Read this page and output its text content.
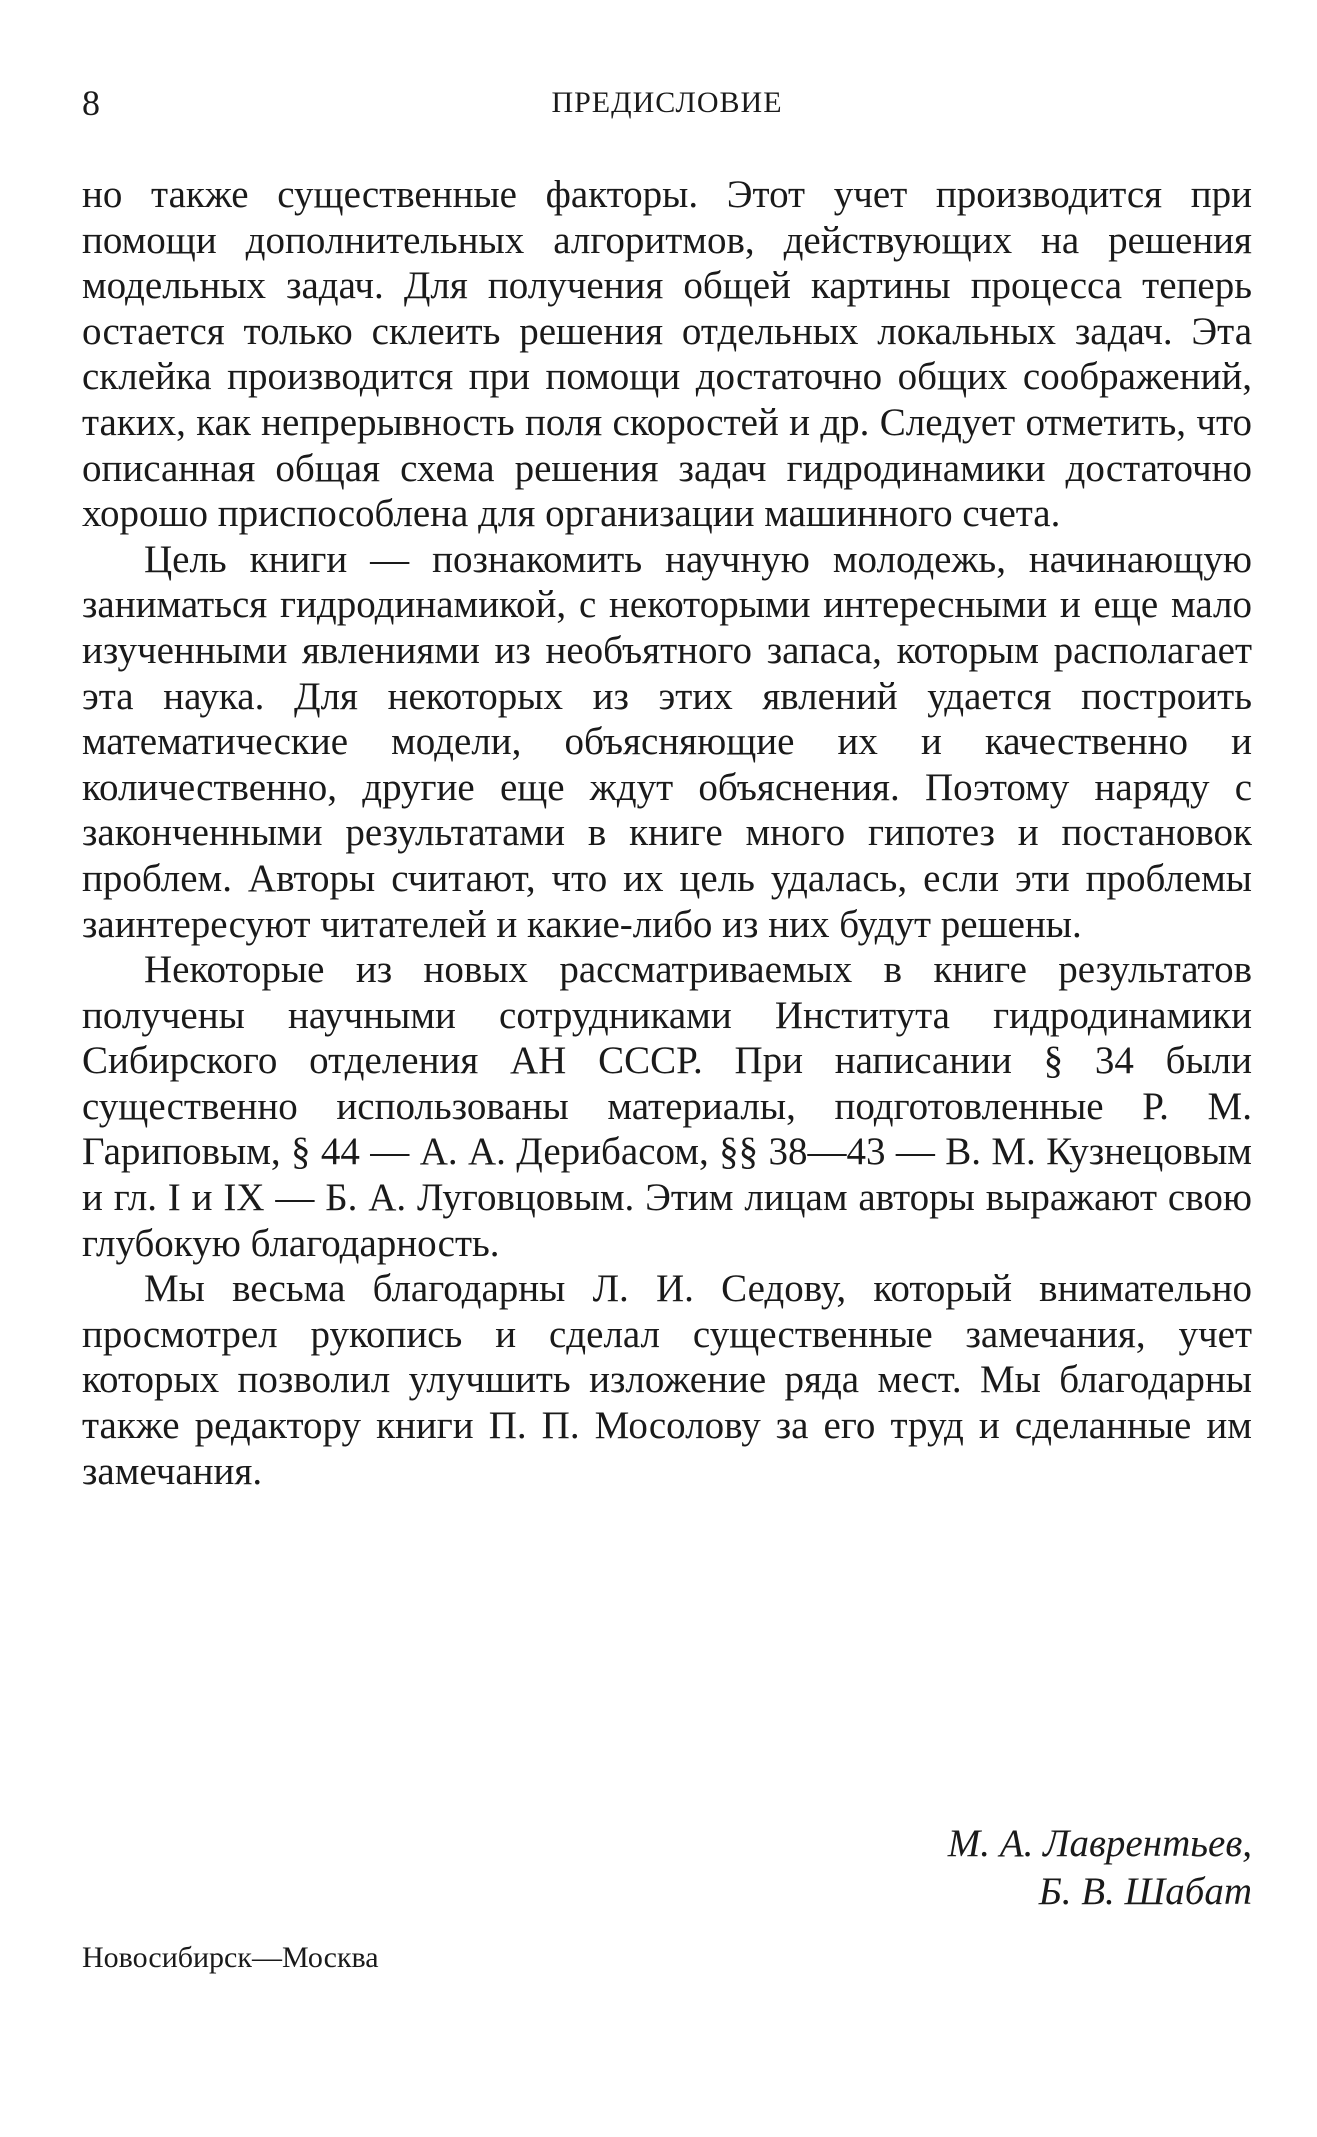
8	ПРЕДИСЛОВИЕ

но также существенные факторы. Этот учет производится при помощи дополнительных алгоритмов, действующих на решения модельных задач. Для получения общей картины процесса теперь остается только склеить решения отдельных локальных задач. Эта склейка производится при помощи достаточно общих соображений, таких, как непрерывность поля скоростей и др. Следует отметить, что описанная общая схема решения задач гидродинамики достаточно хорошо приспособлена для организации машинного счета.

Цель книги — познакомить научную молодежь, начинающую заниматься гидродинамикой, с некоторыми интересными и еще мало изученными явлениями из необъятного запаса, которым располагает эта наука. Для некоторых из этих явлений удается построить математические модели, объясняющие их и качественно и количественно, другие еще ждут объяснения. Поэтому наряду с законченными результатами в книге много гипотез и постановок проблем. Авторы считают, что их цель удалась, если эти проблемы заинтересуют читателей и какие-либо из них будут решены.

Некоторые из новых рассматриваемых в книге результатов получены научными сотрудниками Института гидродинамики Сибирского отделения АН СССР. При написании § 34 были существенно использованы материалы, подготовленные Р. М. Гариповым, § 44 — А. А. Дерибасом, §§ 38—43 — В. М. Кузнецовым и гл. I и IX — Б. А. Луговцовым. Этим лицам авторы выражают свою глубокую благодарность.

Мы весьма благодарны Л. И. Седову, который внимательно просмотрел рукопись и сделал существенные замечания, учет которых позволил улучшить изложение ряда мест. Мы благодарны также редактору книги П. П. Мосолову за его труд и сделанные им замечания.

М. А. Лаврентьев,
Б. В. Шабат
Новосибирск—Москва
